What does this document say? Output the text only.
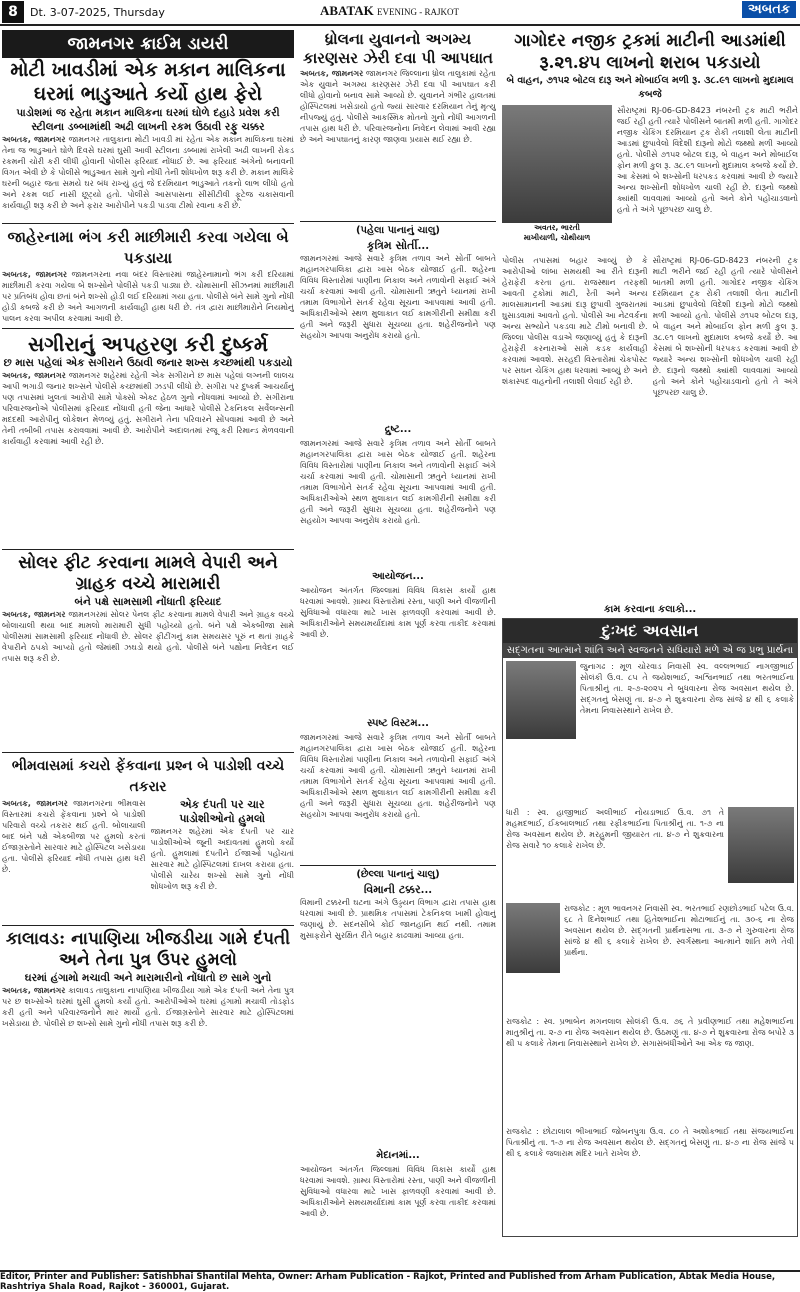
8	Dt. 3-07-2025, Thursday	ABATAK EVENING - RAJKOT	અબતક
જામનગર ક્રાઈમ ડાયરી
મોટી ખાવડીમાં એક મકાન માલિકના ઘરમાં ભાડુઆતે કર્યો હાથ ફેરો
પાડોશમાં જ રહેતા મકાન માલિકના ઘરમાં ઘોળે દહાડે પ્રવેશ કરી સ્ટીલના ડબ્બામાંથી અઢી લાખની રકમ ઉઠાવી રફુ ચક્કર
અબતક, જામનગર જામનગર તાલુકાના મોટી ખાવડી માં રહેતા એક મકાન માલિકના ઘરમાં તેના જ ભાડુઆતે ઘોળે દિવસે ઘરમાં ઘુસી આવી સ્ટીલના ડબ્બામાં રાખેલી અઢી લાખની રોકડ રકમની ચોરી કરી લીધી હોવાની પોલીસ ફરિયાદ નોંધાઈ છે. આ ફરિયાદ અંગેનો બનાવની વિગત એવી છે કે પોલીસે ભાડુઆત સામે ગુનો નોંધી તેની શોધખોળ શરૂ કરી છે. મકાન માલિકે ઘરની બહાર જતા સમયે ઘર બંધ રાખ્યું હતું જે દરમિયાન ભાડુઆતે તકનો લાભ લીધો હતો અને રકમ લઈ નાસી છૂટ્યો હતો. પોલીસે આસપાસના સીસીટીવી ફૂટેજ ચકાસવાની કાર્યવાહી શરૂ કરી છે અને ફરાર આરોપીને પકડી પાડવા ટીમો રવાના કરી છે.
જાહેરનામા ભંગ કરી માછીમારી કરવા ગયેલા બે પકડાયા
અબતક, જામનગર જામનગરના નવા બંદર વિસ્તારમાં જાહેરનામાનો ભંગ કરી દરિયામાં માછીમારી કરવા ગયેલા બે શખ્સોને પોલીસે પકડી પાડ્યા છે. ચોમાસાની સીઝનમાં માછીમારી પર પ્રતિબંધ હોવા છતાં બંને શખ્સો હોડી લઈ દરિયામાં ગયા હતા. પોલીસે બંને સામે ગુનો નોંધી હોડી કબજે કરી છે અને આગળની કાર્યવાહી હાથ ધરી છે. તંત્ર દ્વારા માછીમારોને નિયમોનું પાલન કરવા અપીલ કરવામાં આવી છે.
સગીરાનું અપહરણ કરી દુષ્કર્મ
છ માસ પહેલાં એક સગીરાને ઉઠાવી જનાર શખ્સ કચ્છમાંથી પકડાયો
અબતક, જામનગર જામનગર શહેરમાં રહેતી એક સગીરાને છ માસ પહેલાં લગ્નની લાલચ આપી ભગાડી જનાર શખ્સને પોલીસે કચ્છમાંથી ઝડપી લીધો છે. સગીરા પર દુષ્કર્મ આચર્યાનું પણ તપાસમાં ખુલતાં આરોપી સામે પોક્સો એક્ટ હેઠળ ગુનો નોંધવામાં આવ્યો છે. સગીરાના પરિવારજનોએ પોલીસમાં ફરિયાદ નોંધાવી હતી જેના આધારે પોલીસે ટેકનિકલ સર્વેલન્સની મદદથી આરોપીનું લોકેશન મેળવ્યું હતું. સગીરાને તેના પરિવારને સોંપવામાં આવી છે અને તેની તબીબી તપાસ કરાવવામાં આવી છે. આરોપીને અદાલતમાં રજૂ કરી રિમાન્ડ મેળવવાની કાર્યવાહી કરવામાં આવી રહી છે.
સોલર ફીટ કરવાના મામલે વેપારી અને ગ્રાહક વચ્ચે મારામારી
બંને પક્ષે સામસામી નોંધાતી ફરિયાદ
અબતક, જામનગર જામનગરમાં સોલર પેનલ ફીટ કરવાના મામલે વેપારી અને ગ્રાહક વચ્ચે બોલાચાલી થયા બાદ મામલો મારામારી સુધી પહોંચ્યો હતો. બંને પક્ષે એકબીજા સામે પોલીસમાં સામસામી ફરિયાદ નોંધાવી છે. સોલર ફીટીંગનું કામ સમયસર પૂરું ન થતાં ગ્રાહકે વેપારીને ઠપકો આપ્યો હતો જેમાંથી ઝઘડો થયો હતો. પોલીસે બંને પક્ષોના નિવેદન લઈ તપાસ શરૂ કરી છે.
ભીમવાસમાં કચરો ફેંકવાના પ્રશ્ન બે પાડોશી વચ્ચે તકરાર
અબતક, જામનગર જામનગરના ભીમવાસ વિસ્તારમાં કચરો ફેંકવાના પ્રશ્ને બે પાડોશી પરિવારો વચ્ચે તકરાર થઈ હતી. બોલાચાલી બાદ બંને પક્ષે એકબીજા પર હુમલો કરતાં ઈજાગ્રસ્તોને સારવાર માટે હોસ્પિટલ ખસેડાયા હતા. પોલીસે ફરિયાદ નોંધી તપાસ હાથ ધરી છે.
એક દંપતી પર ચાર પાડોશીઓનો હુમલો
જામનગર શહેરમાં એક દંપતી પર ચાર પાડોશીઓએ જૂની અદાવતમાં હુમલો કર્યો હતો. હુમલામાં દંપતીને ઈજાઓ પહોંચતાં સારવાર માટે હોસ્પિટલમાં દાખલ કરાયા હતા. પોલીસે ચારેય શખ્સો સામે ગુનો નોંધી શોધખોળ શરૂ કરી છે.
કાલાવડ: નાપાણિયા ખીજડીયા ગામે દંપતી અને તેના પુત્ર ઉપર હુમલો
ઘરમાં હંગામો મચાવી અને મારામારીનો નોંધાતો છ સામે ગુનો
અબતક, જામનગર કાલાવડ તાલુકાના નાપાણિયા ખીજડીયા ગામે એક દંપતી અને તેના પુત્ર પર છ શખ્સોએ ઘરમાં ઘુસી હુમલો કર્યો હતો. આરોપીઓએ ઘરમાં હંગામો મચાવી તોડફોડ કરી હતી અને પરિવારજનોને માર માર્યો હતો. ઈજાગ્રસ્તોને સારવાર માટે હોસ્પિટલમાં ખસેડાયા છે. પોલીસે છ શખ્સો સામે ગુનો નોંધી તપાસ શરૂ કરી છે.
ધ્રોલના યુવાનનો અગમ્ય કારણસર ઝેરી દવા પી આપઘાત
અબતક, જામનગર જામનગર જિલ્લાના ધ્રોલ તાલુકામાં રહેતા એક યુવાને અગમ્ય કારણસર ઝેરી દવા પી આપઘાત કરી લીધો હોવાનો બનાવ સામે આવ્યો છે. યુવાનને ગંભીર હાલતમાં હોસ્પિટલમાં ખસેડાયો હતો જ્યાં સારવાર દરમિયાન તેનું મૃત્યુ નીપજ્યું હતું. પોલીસે આકસ્મિક મોતનો ગુનો નોંધી આગળની તપાસ હાથ ધરી છે. પરિવારજનોના નિવેદન લેવામાં આવી રહ્યા છે અને આપઘાતનું કારણ જાણવા પ્રયાસ થઈ રહ્યા છે.
(પહેલા પાનાનું ચાલુ)
કૃત્રિમ સોર્તી...
જામનગરમાં આજે સવારે કૃત્રિમ તળાવ અને સોર્તી બાબતે મહાનગરપાલિકા દ્વારા ખાસ બેઠક યોજાઈ હતી. શહેરના વિવિધ વિસ્તારોમાં પાણીના નિકાલ અને તળાવોની સફાઈ અંગે ચર્ચા કરવામાં આવી હતી. ચોમાસાની ઋતુને ધ્યાનમાં રાખી તમામ વિભાગોને સતર્ક રહેવા સૂચના આપવામાં આવી હતી. અધિકારીઓએ સ્થળ મુલાકાત લઈ કામગીરીની સમીક્ષા કરી હતી અને જરૂરી સુધારા સૂચવ્યા હતા. શહેરીજનોને પણ સહયોગ આપવા અનુરોધ કરાયો હતો.
દ્રુષ્ટ...
જામનગરમાં આજે સવારે કૃત્રિમ તળાવ અને સોર્તી બાબતે મહાનગરપાલિકા દ્વારા ખાસ બેઠક યોજાઈ હતી. શહેરના વિવિધ વિસ્તારોમાં પાણીના નિકાલ અને તળાવોની સફાઈ અંગે ચર્ચા કરવામાં આવી હતી. ચોમાસાની ઋતુને ધ્યાનમાં રાખી તમામ વિભાગોને સતર્ક રહેવા સૂચના આપવામાં આવી હતી. અધિકારીઓએ સ્થળ મુલાકાત લઈ કામગીરીની સમીક્ષા કરી હતી અને જરૂરી સુધારા સૂચવ્યા હતા. શહેરીજનોને પણ સહયોગ આપવા અનુરોધ કરાયો હતો.
આયોજન...
આયોજન અંતર્ગત જિલ્લામાં વિવિધ વિકાસ કાર્યો હાથ ધરવામાં આવશે. ગ્રામ્ય વિસ્તારોમાં રસ્તા, પાણી અને વીજળીની સુવિધાઓ વધારવા માટે ખાસ ફાળવણી કરવામાં આવી છે. અધિકારીઓને સમયમર્યાદામાં કામ પૂર્ણ કરવા તાકીદ કરવામાં આવી છે.
સ્પષ્ટ વિસ્ટમ...
જામનગરમાં આજે સવારે કૃત્રિમ તળાવ અને સોર્તી બાબતે મહાનગરપાલિકા દ્વારા ખાસ બેઠક યોજાઈ હતી. શહેરના વિવિધ વિસ્તારોમાં પાણીના નિકાલ અને તળાવોની સફાઈ અંગે ચર્ચા કરવામાં આવી હતી. ચોમાસાની ઋતુને ધ્યાનમાં રાખી તમામ વિભાગોને સતર્ક રહેવા સૂચના આપવામાં આવી હતી. અધિકારીઓએ સ્થળ મુલાકાત લઈ કામગીરીની સમીક્ષા કરી હતી અને જરૂરી સુધારા સૂચવ્યા હતા. શહેરીજનોને પણ સહયોગ આપવા અનુરોધ કરાયો હતો.
(છેલ્લા પાનાનું ચાલુ)
વિમાની ટક્કર...
વિમાની ટક્કરની ઘટના અંગે ઉડ્ડયન વિભાગ દ્વારા તપાસ હાથ ધરવામાં આવી છે. પ્રાથમિક તપાસમાં ટેકનિકલ ખામી હોવાનું જણાયું છે. સદનસીબે કોઈ જાનહાનિ થઈ નથી. તમામ મુસાફરોને સુરક્ષિત રીતે બહાર કાઢવામાં આવ્યા હતા.
મેદાનમાં...
આયોજન અંતર્ગત જિલ્લામાં વિવિધ વિકાસ કાર્યો હાથ ધરવામાં આવશે. ગ્રામ્ય વિસ્તારોમાં રસ્તા, પાણી અને વીજળીની સુવિધાઓ વધારવા માટે ખાસ ફાળવણી કરવામાં આવી છે. અધિકારીઓને સમયમર્યાદામાં કામ પૂર્ણ કરવા તાકીદ કરવામાં આવી છે.
ગાગોદર નજીક ટ્રકમાં માટીની આડમાંથી રૂ.૨૧.૪૫ લાખનો શરાબ પકડાયો
બે વાહન, ૭૧૫૨ બોટલ દારૂ અને મોબાઈલ મળી રૂ. ૩૮.૯૧ લાખનો મુદામાલ કબજે
અવતર, ભારતી
માખીયાળી, ચોથીયાળ
સૌરાષ્ટ્રમાં RJ-06-GD-8423 નંબરની ટ્રક માટી ભરીને જઈ રહી હતી ત્યારે પોલીસને બાતમી મળી હતી. ગાગોદર નજીક ચેકિંગ દરમિયાન ટ્રક રોકી તલાશી લેતા માટીની આડમાં છુપાવેલો વિદેશી દારૂનો મોટો જથ્થો મળી આવ્યો હતો. પોલીસે ૭૧૫૨ બોટલ દારૂ, બે વાહન અને મોબાઈલ ફોન મળી કુલ રૂ. ૩૮.૯૧ લાખનો મુદામાલ કબજે કર્યો છે. આ કેસમાં બે શખ્સોની ધરપકડ કરવામાં આવી છે જ્યારે અન્ય શખ્સોની શોધખોળ ચાલી રહી છે. દારૂનો જથ્થો ક્યાંથી લાવવામાં આવ્યો હતો અને કોને પહોંચાડવાનો હતો તે અંગે પૂછપરછ ચાલુ છે.
પોલીસ તપાસમાં બહાર આવ્યું છે કે આરોપીઓ લાંબા સમયથી આ રીતે દારૂની હેરાફેરી કરતા હતા. રાજસ્થાન તરફથી આવતી ટ્રકોમાં માટી, રેતી અને અન્ય માલસામાનની આડમાં દારૂ છુપાવી ગુજરાતમાં ઘુસાડવામાં આવતો હતો. પોલીસે આ નેટવર્કના અન્ય સભ્યોને પકડવા માટે ટીમો બનાવી છે. જિલ્લા પોલીસ વડાએ જણાવ્યું હતું કે દારૂની હેરાફેરી કરનારાઓ સામે કડક કાર્યવાહી કરવામાં આવશે. સરહદી વિસ્તારોમાં ચેકપોસ્ટ પર સઘન ચેકિંગ હાથ ધરવામાં આવ્યું છે અને શંકાસ્પદ વાહનોની તલાશી લેવાઈ રહી છે.
સૌરાષ્ટ્રમાં RJ-06-GD-8423 નંબરની ટ્રક માટી ભરીને જઈ રહી હતી ત્યારે પોલીસને બાતમી મળી હતી. ગાગોદર નજીક ચેકિંગ દરમિયાન ટ્રક રોકી તલાશી લેતા માટીની આડમાં છુપાવેલો વિદેશી દારૂનો મોટો જથ્થો મળી આવ્યો હતો. પોલીસે ૭૧૫૨ બોટલ દારૂ, બે વાહન અને મોબાઈલ ફોન મળી કુલ રૂ. ૩૮.૯૧ લાખનો મુદામાલ કબજે કર્યો છે. આ કેસમાં બે શખ્સોની ધરપકડ કરવામાં આવી છે જ્યારે અન્ય શખ્સોની શોધખોળ ચાલી રહી છે. દારૂનો જથ્થો ક્યાંથી લાવવામાં આવ્યો હતો અને કોને પહોંચાડવાનો હતો તે અંગે પૂછપરછ ચાલુ છે.
કામ કરવાના કલાકો...
દુઃખદ અવસાન
સદ્ગતના આત્માને શાંતિ અને સ્વજનને સધિયારો મળે એ જ પ્રભુ પ્રાર્થના
જુનાગઢ : મૂળ ચોરવાડ નિવાસી સ્વ. વલ્લભભાઈ નાગજીભાઈ સોલંકી ઉ.વ. ૮૫ તે જયેશભાઈ, અશ્વિનભાઈ તથા ભરતભાઈના પિતાશ્રીનું તા. ૨-૭-૨૦૨૫ ને બુધવારના રોજ અવસાન થયેલ છે. સદ્ગતનું બેસણું તા. ૪-૭ ને શુક્રવારના રોજ સાંજે ૪ થી ૬ કલાકે તેમના નિવાસસ્થાને રાખેલ છે.
ધારી : સ્વ. હાજીભાઈ અલીભાઈ નોયડાભાઈ ઉ.વ. ૭૧ તે મહમદભાઈ, ઈકબાલભાઈ તથા રફીકભાઈના પિતાશ્રીનું તા. ૧-૭ ના રોજ અવસાન થયેલ છે. મરહુમની જીયારત તા. ૪-૭ ને શુક્રવારના રોજ સવારે ૧૦ કલાકે રાખેલ છે.
રાજકોટ : મૂળ ભાવનગર નિવાસી સ્વ. ભરતભાઈ રણછોડભાઈ પટેલ ઉ.વ. ૬૮ તે દિનેશભાઈ તથા હિતેશભાઈના મોટાભાઈનું તા. ૩૦-૬ ના રોજ અવસાન થયેલ છે. સદ્ગતની પ્રાર્થનાસભા તા. ૩-૭ ને ગુરુવારના રોજ સાંજે ૪ થી ૬ કલાકે રાખેલ છે. સ્વર્ગસ્થના આત્માને શાંતિ મળે તેવી પ્રાર્થના.
રાજકોટ : સ્વ. પ્રભાબેન મગનલાલ સોલંકી ઉ.વ. ૭૬ તે પ્રવીણભાઈ તથા મહેશભાઈના માતુશ્રીનું તા. ૨-૭ ના રોજ અવસાન થયેલ છે. ઉઠમણું તા. ૪-૭ ને શુક્રવારના રોજ બપોરે ૩ થી ૫ કલાકે તેમના નિવાસસ્થાને રાખેલ છે. સગાસંબંધીઓને આ એક જ જાણ.
રાજકોટ : છોટાલાલ ભીખાભાઈ જોબનપુત્રા ઉ.વ. ૮૦ તે અશોકભાઈ તથા સંજયભાઈના પિતાશ્રીનું તા. ૧-૭ ના રોજ અવસાન થયેલ છે. સદ્ગતનું બેસણું તા. ૪-૭ ના રોજ સાંજે ૫ થી ૬ કલાકે જલારામ મંદિર ખાતે રાખેલ છે.
Editor, Printer and Publisher: Satishbhai Shantilal Mehta, Owner: Arham Publication - Rajkot, Printed and Published from Arham Publication, Abtak Media House, Rashtriya Shala Road, Rajkot - 360001, Gujarat.
